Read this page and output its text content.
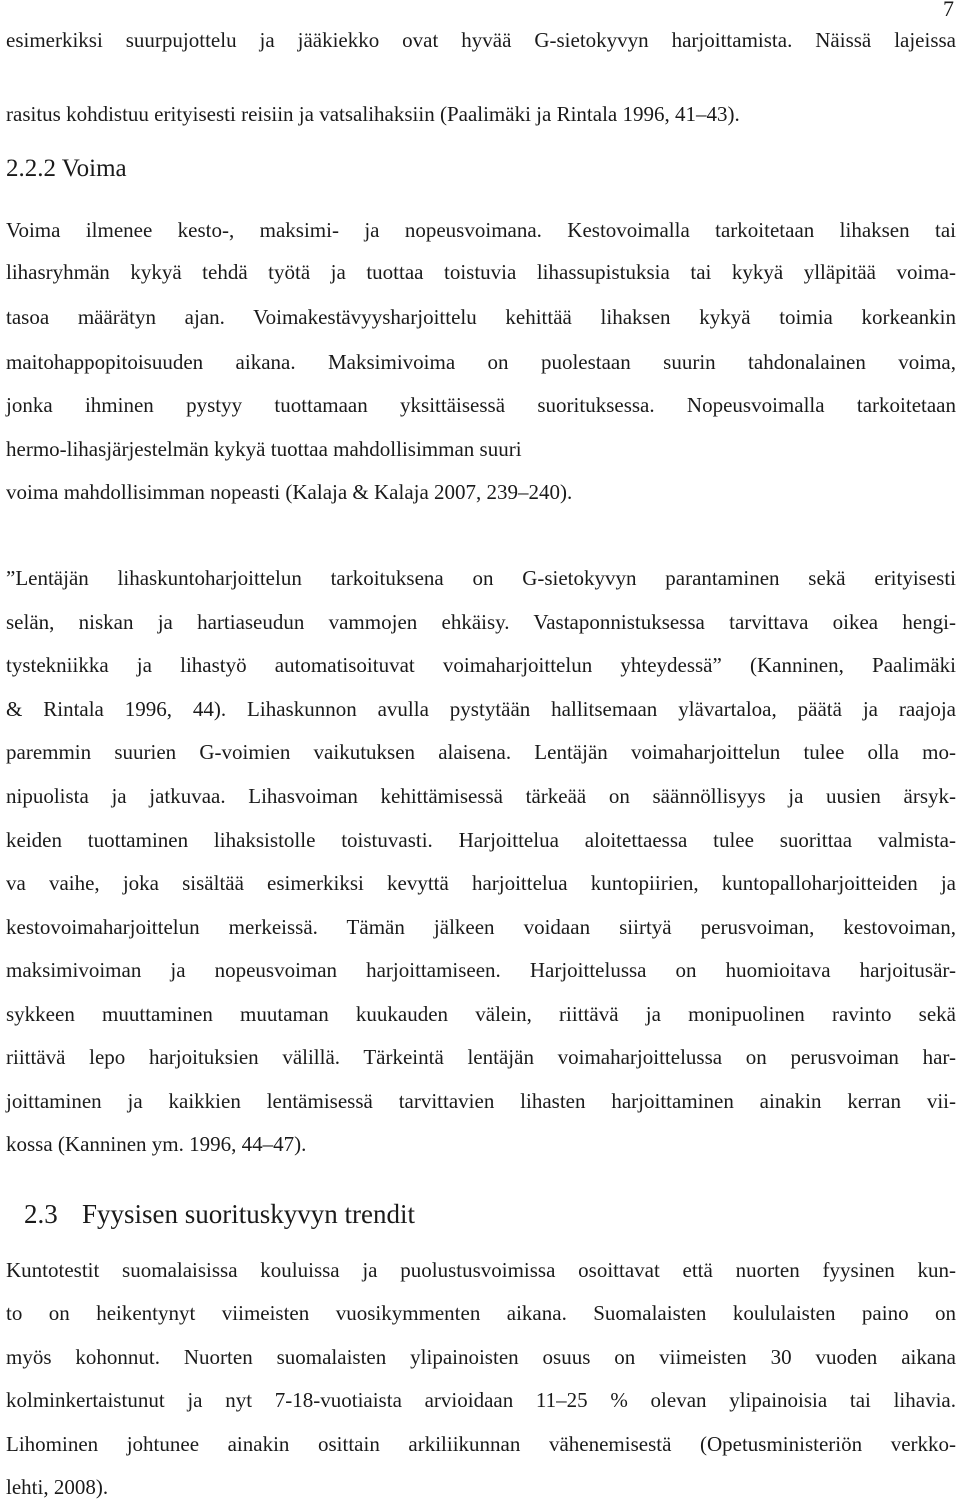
7
esimerkiksi suurpujottelu ja jääkiekko ovat hyvää G-sietokyvyn harjoittamista. Näissä lajeissa
rasitus kohdistuu erityisesti reisiin ja vatsalihaksiin (Paalimäki ja Rintala 1996, 41–43).
2.2.2 Voima
Voima ilmenee kesto-, maksimi- ja nopeusvoimana. Kestovoimalla tarkoitetaan lihaksen tai
lihasryhmän kykyä tehdä työtä ja tuottaa toistuvia lihassupistuksia tai kykyä ylläpitää voima-
tasoa määrätyn ajan. Voimakestävyysharjoittelu kehittää lihaksen kykyä toimia korkeankin
maitohappopitoisuuden aikana. Maksimivoima on puolestaan suurin tahdonalainen voima,
jonka ihminen pystyy tuottamaan yksittäisessä suorituksessa. Nopeusvoimalla tarkoitetaan
hermo-lihasjärjestelmän kykyä tuottaa mahdollisimman suuri
voima mahdollisimman nopeasti (Kalaja & Kalaja 2007, 239–240).
”Lentäjän lihaskuntoharjoittelun tarkoituksena on G-sietokyvyn parantaminen sekä erityisesti
selän, niskan ja hartiaseudun vammojen ehkäisy. Vastaponnistuksessa tarvittava oikea hengi-
tystekniikka ja lihastyö automatisoituvat voimaharjoittelun yhteydessä” (Kanninen, Paalimäki
& Rintala 1996, 44). Lihaskunnon avulla pystytään hallitsemaan ylävartaloa, päätä ja raajoja
paremmin suurien G-voimien vaikutuksen alaisena. Lentäjän voimaharjoittelun tulee olla mo-
nipuolista ja jatkuvaa. Lihasvoiman kehittämisessä tärkeää on säännöllisyys ja uusien ärsyk-
keiden tuottaminen lihaksistolle toistuvasti. Harjoittelua aloitettaessa tulee suorittaa valmista-
va vaihe, joka sisältää esimerkiksi kevyttä harjoittelua kuntopiirien, kuntopalloharjoitteiden ja
kestovoimaharjoittelun merkeissä. Tämän jälkeen voidaan siirtyä perusvoiman, kestovoiman,
maksimivoiman ja nopeusvoiman harjoittamiseen. Harjoittelussa on huomioitava harjoitusär-
sykkeen muuttaminen muutaman kuukauden välein, riittävä ja monipuolinen ravinto sekä
riittävä lepo harjoituksien välillä. Tärkeintä lentäjän voimaharjoittelussa on perusvoiman har-
joittaminen ja kaikkien lentämisessä tarvittavien lihasten harjoittaminen ainakin kerran vii-
kossa (Kanninen ym. 1996, 44–47).
2.3 Fyysisen suorituskyvyn trendit
Kuntotestit suomalaisissa kouluissa ja puolustusvoimissa osoittavat että nuorten fyysinen kun-
to on heikentynyt viimeisten vuosikymmenten aikana. Suomalaisten koululaisten paino on
myös kohonnut. Nuorten suomalaisten ylipainoisten osuus on viimeisten 30 vuoden aikana
kolminkertaistunut ja nyt 7-18-vuotiaista arvioidaan 11–25 % olevan ylipainoisia tai lihavia.
Lihominen johtunee ainakin osittain arkiliikunnan vähenemisestä (Opetusministeriön verkko-
lehti, 2008).
